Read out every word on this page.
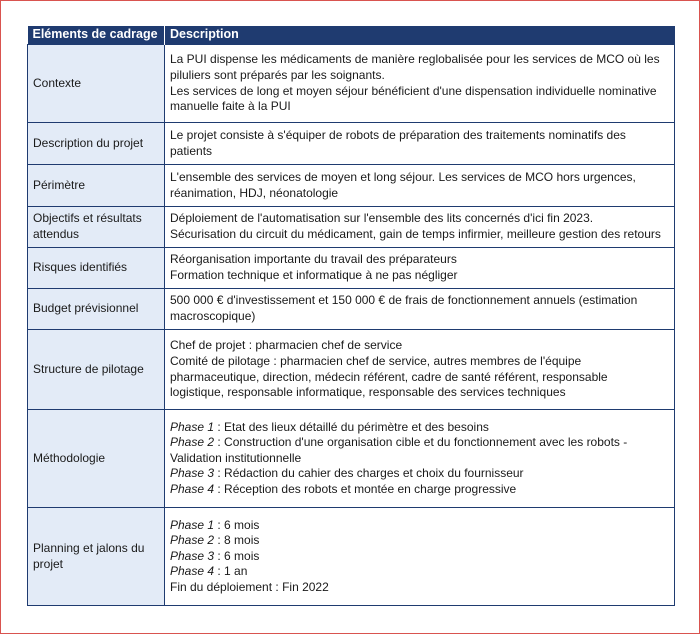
Eléments de cadrage	Description
Contexte	La PUI dispense les médicaments de manière reglobalisée pour les services de MCO où les
piluliers sont préparés par les soignants.
Les services de long et moyen séjour bénéficient d'une dispensation individuelle nominative
manuelle faite à la PUI

Description du projet	Le projet consiste à s'équiper de robots de préparation des traitements nominatifs des
patients

Périmètre	L'ensemble des services de moyen et long séjour. Les services de MCO hors urgences,
réanimation, HDJ, néonatologie

Objectifs et résultats attendus	Déploiement de l'automatisation sur l'ensemble des lits concernés d'ici fin 2023.
Sécurisation du circuit du médicament, gain de temps infirmier, meilleure gestion des retours

Risques identifiés	Réorganisation importante du travail des préparateurs
Formation technique et informatique à ne pas négliger

Budget prévisionnel	500 000 € d'investissement et 150 000 € de frais de fonctionnement annuels (estimation
macroscopique)

Structure de pilotage	Chef de projet : pharmacien chef de service
Comité de pilotage : pharmacien chef de service, autres membres de l'équipe
pharmaceutique, direction, médecin référent, cadre de santé référent, responsable
logistique, responsable informatique, responsable des services techniques

Méthodologie	Phase 1 : Etat des lieux détaillé du périmètre et des besoins
Phase 2 : Construction d'une organisation cible et du fonctionnement avec les robots -
Validation institutionnelle
Phase 3 : Rédaction du cahier des charges et choix du fournisseur
Phase 4 : Réception des robots et montée en charge progressive

Planning et jalons du projet	Phase 1 : 6 mois
Phase 2 : 8 mois
Phase 3 : 6 mois
Phase 4 : 1 an
Fin du déploiement : Fin 2022
